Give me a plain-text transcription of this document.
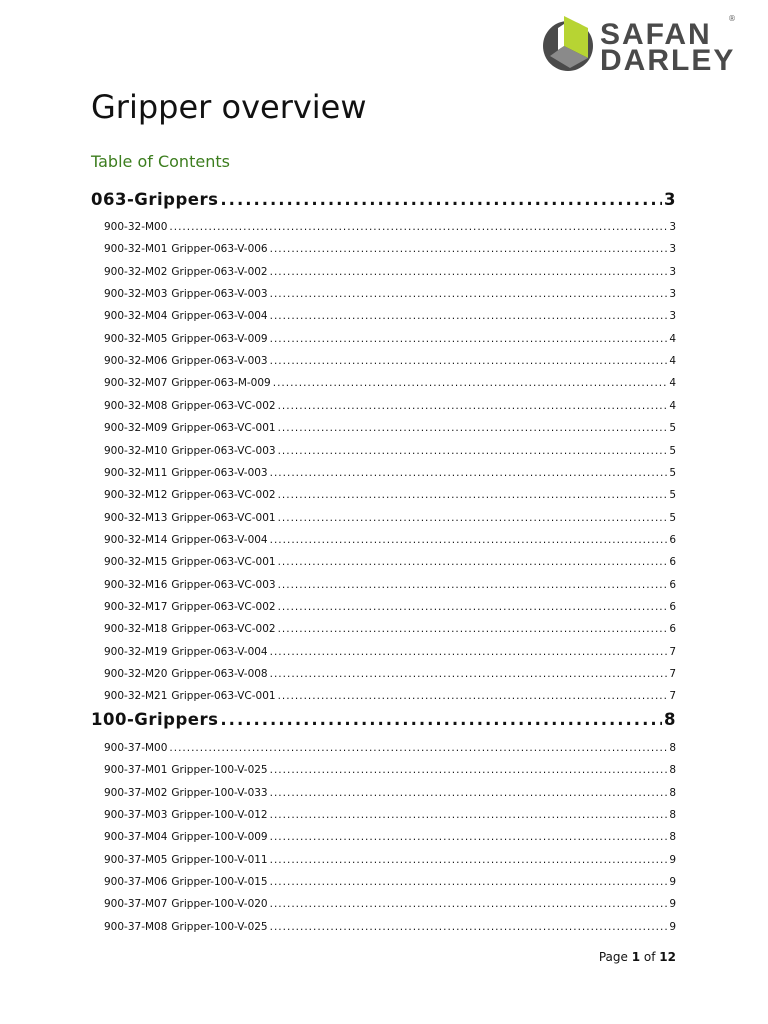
SAFAN
DARLEY
®
Gripper overview
Table of Contents
063-Grippers .....	3
900-32-M00 .....	3
900-32-M01 Gripper-063-V-006 .....	3
900-32-M02 Gripper-063-V-002 .....	3
900-32-M03 Gripper-063-V-003 .....	3
900-32-M04 Gripper-063-V-004 .....	3
900-32-M05 Gripper-063-V-009 .....	4
900-32-M06 Gripper-063-V-003 .....	4
900-32-M07 Gripper-063-M-009 .....	4
900-32-M08 Gripper-063-VC-002 .....	4
900-32-M09 Gripper-063-VC-001 .....	5
900-32-M10 Gripper-063-VC-003 .....	5
900-32-M11 Gripper-063-V-003 .....	5
900-32-M12 Gripper-063-VC-002 .....	5
900-32-M13 Gripper-063-VC-001 .....	5
900-32-M14 Gripper-063-V-004 .....	6
900-32-M15 Gripper-063-VC-001 .....	6
900-32-M16 Gripper-063-VC-003 .....	6
900-32-M17 Gripper-063-VC-002 .....	6
900-32-M18 Gripper-063-VC-002 .....	6
900-32-M19 Gripper-063-V-004 .....	7
900-32-M20 Gripper-063-V-008 .....	7
900-32-M21 Gripper-063-VC-001 .....	7
100-Grippers .....	8
900-37-M00 .....	8
900-37-M01 Gripper-100-V-025 .....	8
900-37-M02 Gripper-100-V-033 .....	8
900-37-M03 Gripper-100-V-012 .....	8
900-37-M04 Gripper-100-V-009 .....	8
900-37-M05 Gripper-100-V-011 .....	9
900-37-M06 Gripper-100-V-015 .....	9
900-37-M07 Gripper-100-V-020 .....	9
900-37-M08 Gripper-100-V-025 .....	9
Page 1 of 12
